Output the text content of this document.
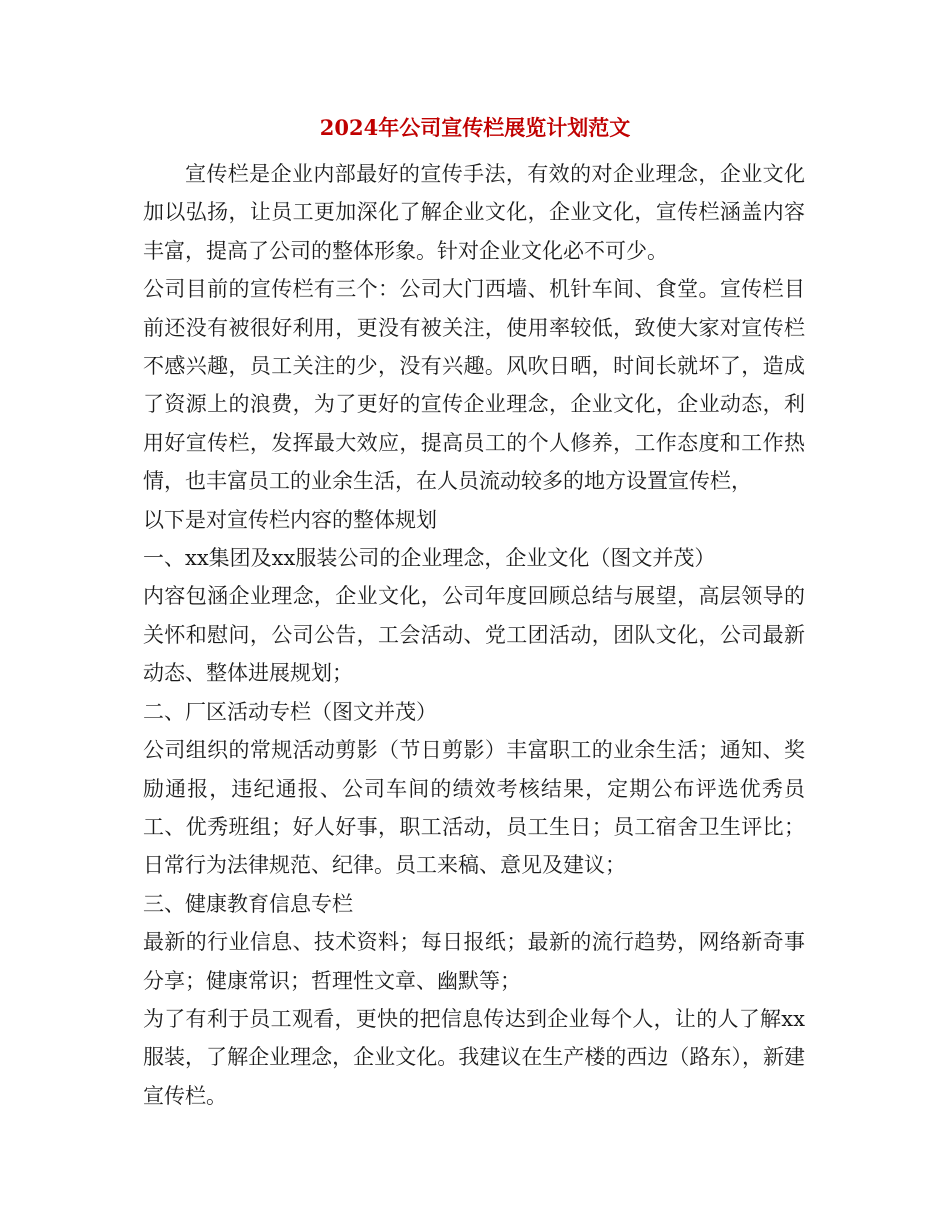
2024年公司宣传栏展览计划范文

宣传栏是企业内部最好的宣传手法，有效的对企业理念，企业文化加以弘扬，让员工更加深化了解企业文化，企业文化，宣传栏涵盖内容丰富，提高了公司的整体形象。针对企业文化必不可少。

公司目前的宣传栏有三个：公司大门西墙、机针车间、食堂。宣传栏目前还没有被很好利用，更没有被关注，使用率较低，致使大家对宣传栏不感兴趣，员工关注的少，没有兴趣。风吹日晒，时间长就坏了，造成了资源上的浪费，为了更好的宣传企业理念，企业文化，企业动态，利用好宣传栏，发挥最大效应，提高员工的个人修养，工作态度和工作热情，也丰富员工的业余生活，在人员流动较多的地方设置宣传栏，

以下是对宣传栏内容的整体规划

一、xx集团及xx服装公司的企业理念，企业文化（图文并茂）

内容包涵企业理念，企业文化，公司年度回顾总结与展望，高层领导的关怀和慰问，公司公告，工会活动、党工团活动，团队文化，公司最新动态、整体进展规划；

二、厂区活动专栏（图文并茂）

公司组织的常规活动剪影（节日剪影）丰富职工的业余生活；通知、奖励通报，违纪通报、公司车间的绩效考核结果，定期公布评选优秀员工、优秀班组；好人好事，职工活动，员工生日；员工宿舍卫生评比；日常行为法律规范、纪律。员工来稿、意见及建议；

三、健康教育信息专栏

最新的行业信息、技术资料；每日报纸；最新的流行趋势，网络新奇事分享；健康常识；哲理性文章、幽默等；

为了有利于员工观看，更快的把信息传达到企业每个人，让的人了解xx服装，了解企业理念，企业文化。我建议在生产楼的西边（路东），新建宣传栏。
